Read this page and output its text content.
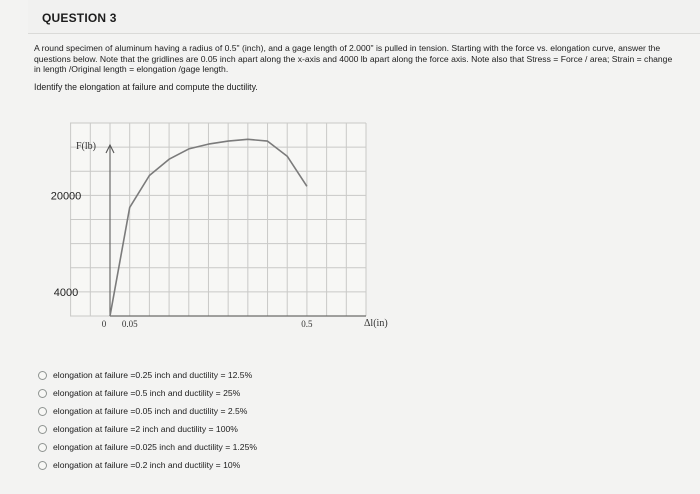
QUESTION 3
A round specimen of aluminum having a radius of 0.5" (inch), and a gage length of 2.000" is pulled in tension. Starting with the force vs. elongation curve, answer the questions below. Note that the gridlines are 0.05 inch apart along the x-axis and 4000 lb apart along the force axis. Note also that Stress = Force / area; Strain = change in length /Original length = elongation /gage length.
Identify the elongation at failure and compute the ductility.
4000
20000
0 0.05	0.5
F(lb)
Δl(in)
elongation at failure =0.25 inch and ductility = 12.5%
elongation at failure =0.5 inch and ductility = 25%
elongation at failure =0.05 inch and ductility = 2.5%
elongation at failure =2 inch and ductility = 100%
elongation at failure =0.025 inch and ductility = 1.25%
elongation at failure =0.2 inch and ductility = 10%
